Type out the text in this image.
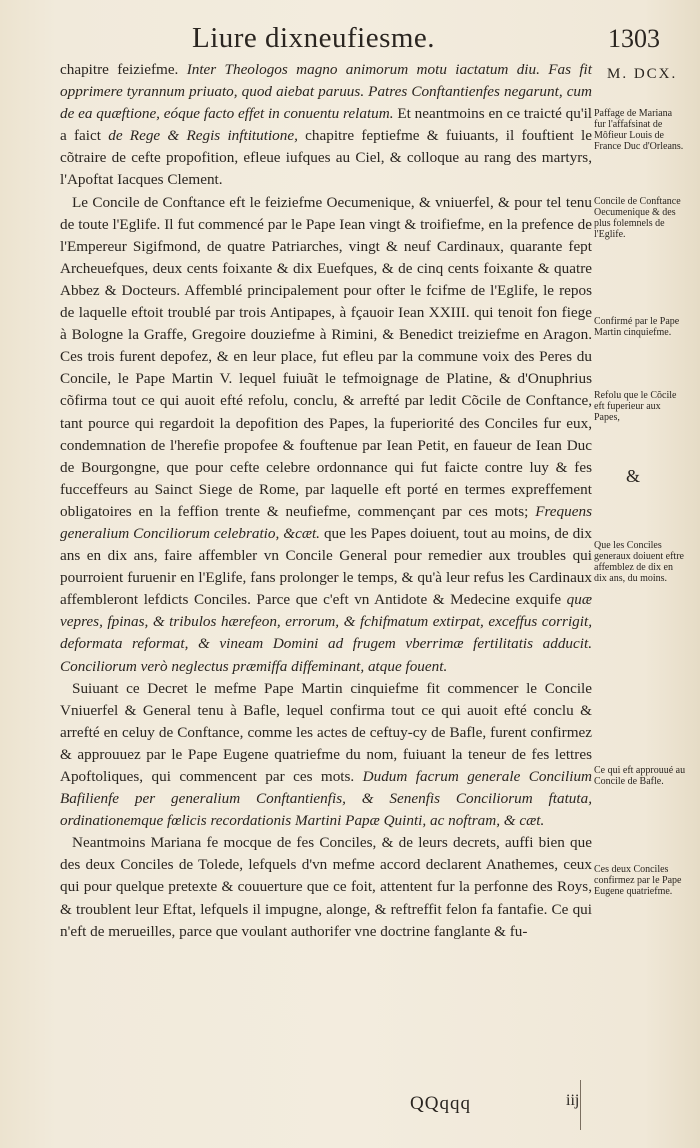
Liure dixneufiesme.	1303
M. DCX.

chapitre feiziefme. Inter Theologos magno animorum motu iactatum diu. Fas fit opprimere tyrannum priuato, quod aiebat paruus. Patres Conftantienfes negarunt, cum de ea quæftione, eóque facto effet in conuentu relatum. Et neantmoins en ce traicté qu'il a faict de Rege & Regis inftitutione, chapitre feptiefme & fuiuants, il fouftient le cõtraire de cefte propofition, efleue iufques au Ciel, & colloque au rang des martyrs, l'Apoftat Iacques Clement.

Le Concile de Conftance eft le feiziefme Oecumenique, & vniuerfel, & pour tel tenu de toute l'Eglife. Il fut commencé par le Pape Iean vingt & troifiefme, en la prefence de l'Empereur Sigifmond, de quatre Patriarches, vingt & neuf Cardinaux, quarante fept Archeuefques, deux cents foixante & dix Euefques, & de cinq cents foixante & quatre Abbez & Docteurs. Affemblé principalement pour ofter le fcifme de l'Eglife, le repos de laquelle eftoit troublé par trois Antipapes, à fçauoir Iean XXIII. qui tenoit fon fiege à Bologne la Graffe, Gregoire douziefme à Rimini, & Benedict treiziefme en Aragon. Ces trois furent depofez, & en leur place, fut efleu par la commune voix des Peres du Concile, le Pape Martin V. lequel fuiuãt le tefmoignage de Platine, & d'Onuphrius cõfirma tout ce qui auoit efté refolu, conclu, & arrefté par ledit Cõcile de Conftance, tant pource qui regardoit la depofition des Papes, la fuperiorité des Conciles fur eux, condemnation de l'herefie propofee & fouftenue par Iean Petit, en faueur de Iean Duc de Bourgongne, que pour cefte celebre ordonnance qui fut faicte contre luy & fes fucceffeurs au Sainct Siege de Rome, par laquelle eft porté en termes expreffement obligatoires en la feffion trente & neufiefme, commençant par ces mots; Frequens generalium Conciliorum celebratio, &cæt. que les Papes doiuent, tout au moins, de dix ans en dix ans, faire affembler vn Concile General pour remedier aux troubles qui pourroient furuenir en l'Eglife, fans prolonger le temps, & qu'à leur refus les Cardinaux affembleront lefdicts Conciles. Parce que c'eft vn Antidote & Medecine exquife quæ vepres, fpinas, & tribulos hærefeon, errorum, & fchifmatum extirpat, exceffus corrigit, deformata reformat, & vineam Domini ad frugem vberrimæ fertilitatis adducit. Conciliorum verò neglectus præmiffa diffeminant, atque fouent.

Suiuant ce Decret le mefme Pape Martin cinquiefme fit commencer le Concile Vniuerfel & General tenu à Bafle, lequel confirma tout ce qui auoit efté conclu & arrefté en celuy de Conftance, comme les actes de ceftuy-cy de Bafle, furent confirmez & approuuez par le Pape Eugene quatriefme du nom, fuiuant la teneur de fes lettres Apoftoliques, qui commencent par ces mots. Dudum facrum generale Concilium Bafilienfe per generalium Conftantienfis, & Senenfis Conciliorum ftatuta, ordinationemque fœlicis recordationis Martini Papæ Quinti, ac noftram, & cæt.

Neantmoins Mariana fe mocque de fes Conciles, & de leurs decrets, auffi bien que des deux Conciles de Tolede, lefquels d'vn mefme accord declarent Anathemes, ceux qui pour quelque pretexte & couuerture que ce foit, attentent fur la perfonne des Roys, & troublent leur Eftat, lefquels il impugne, alonge, & reftreffit felon fa fantafie. Ce qui n'eft de merueilles, parce que voulant authorifer vne doctrine fanglante & fu-

Paffage de Mariana fur l'affafsinat de Môfieur Louis de France Duc d'Orleans.
Concile de Conftance Oecumenique & des plus folemnels de l'Eglife.
Confirmé par le Pape Martin cinquiefme.
Refolu que le Cõcile eft fuperieur aux Papes,
&
Que les Conciles generaux doiuent eftre affemblez de dix en dix ans, du moins.
Ce qui eft approuué au Concile de Bafle.
Ces deux Conciles confirmez par le Pape Eugene quatriefme.
QQqqq	iij
